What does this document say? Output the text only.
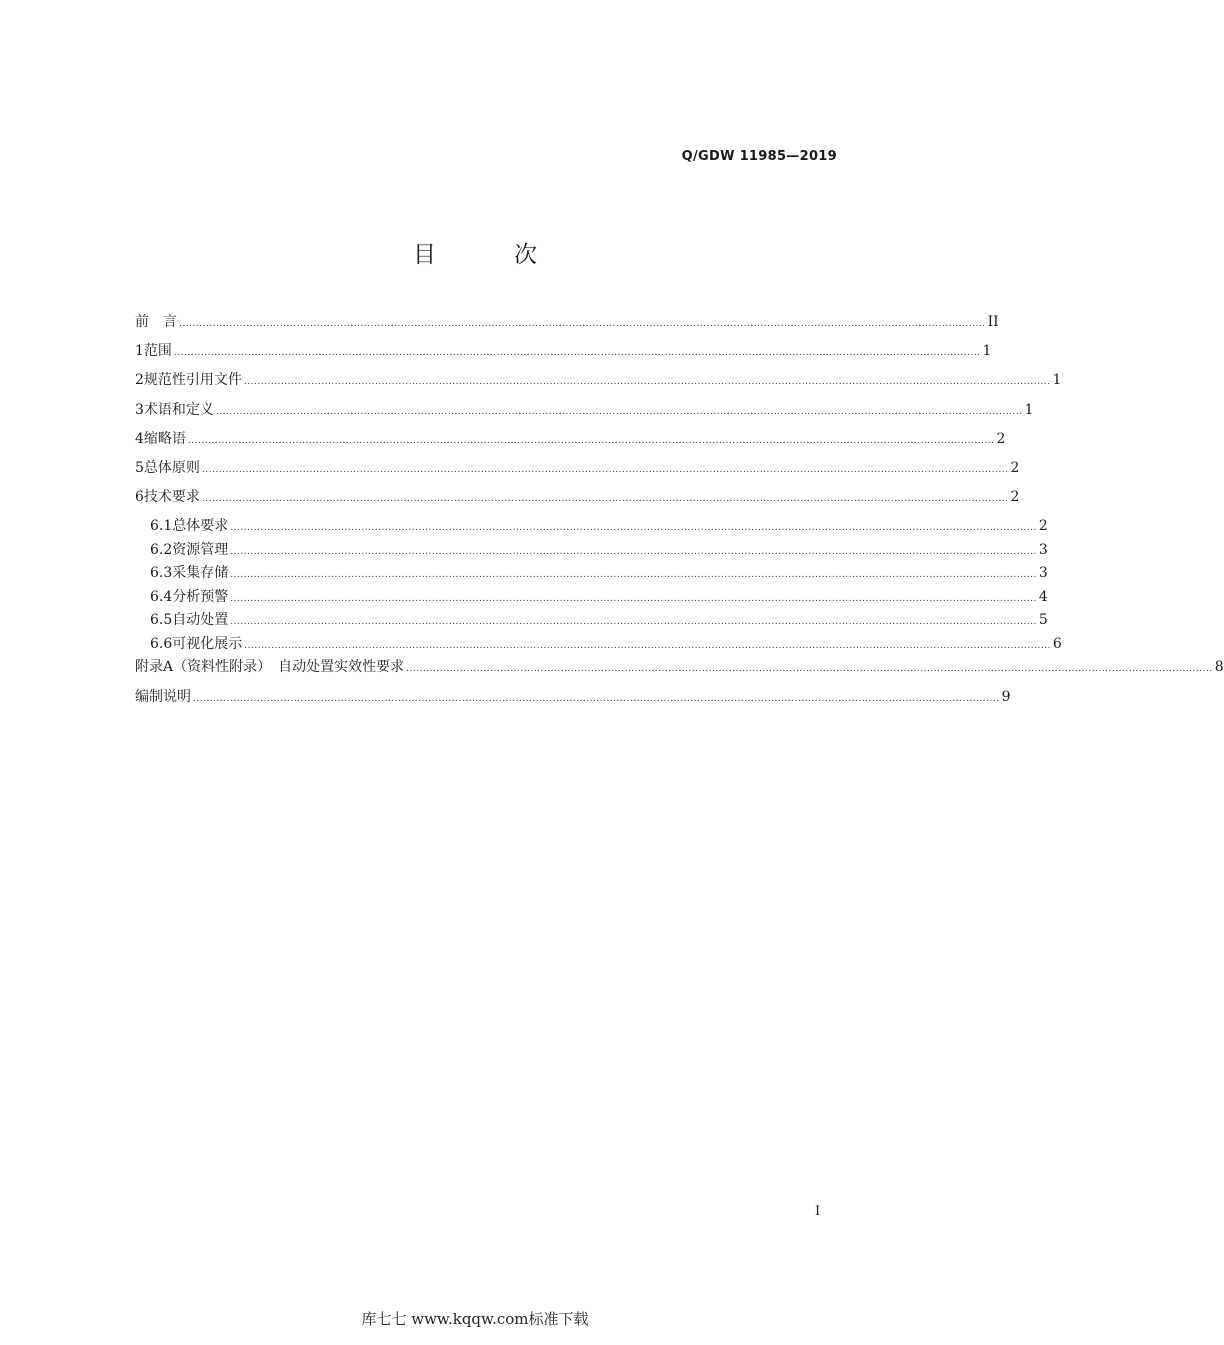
Q/GDW 11985—2019
目	次
前　言 ................................................................................................................................................................................................................................................ II
1 范围 ................................................................................................................................................................................................................................................ 1
2 规范性引用文件 ................................................................................................................................................................................................................................................ 1
3 术语和定义 ................................................................................................................................................................................................................................................ 1
4 缩略语 ................................................................................................................................................................................................................................................ 2
5 总体原则 ................................................................................................................................................................................................................................................ 2
6 技术要求 ................................................................................................................................................................................................................................................ 2
6.1 总体要求 ................................................................................................................................................................................................................................................ 2
6.2 资源管理 ................................................................................................................................................................................................................................................ 3
6.3 采集存储 ................................................................................................................................................................................................................................................ 3
6.4 分析预警 ................................................................................................................................................................................................................................................ 4
6.5 自动处置 ................................................................................................................................................................................................................................................ 5
6.6 可视化展示 ................................................................................................................................................................................................................................................ 6
附录A（资料性附录）　自动处置实效性要求 ................................................................................................................................................................................................................................................ 8
编制说明 ................................................................................................................................................................................................................................................ 9
I
库七七 www.kqqw.com标准下载
